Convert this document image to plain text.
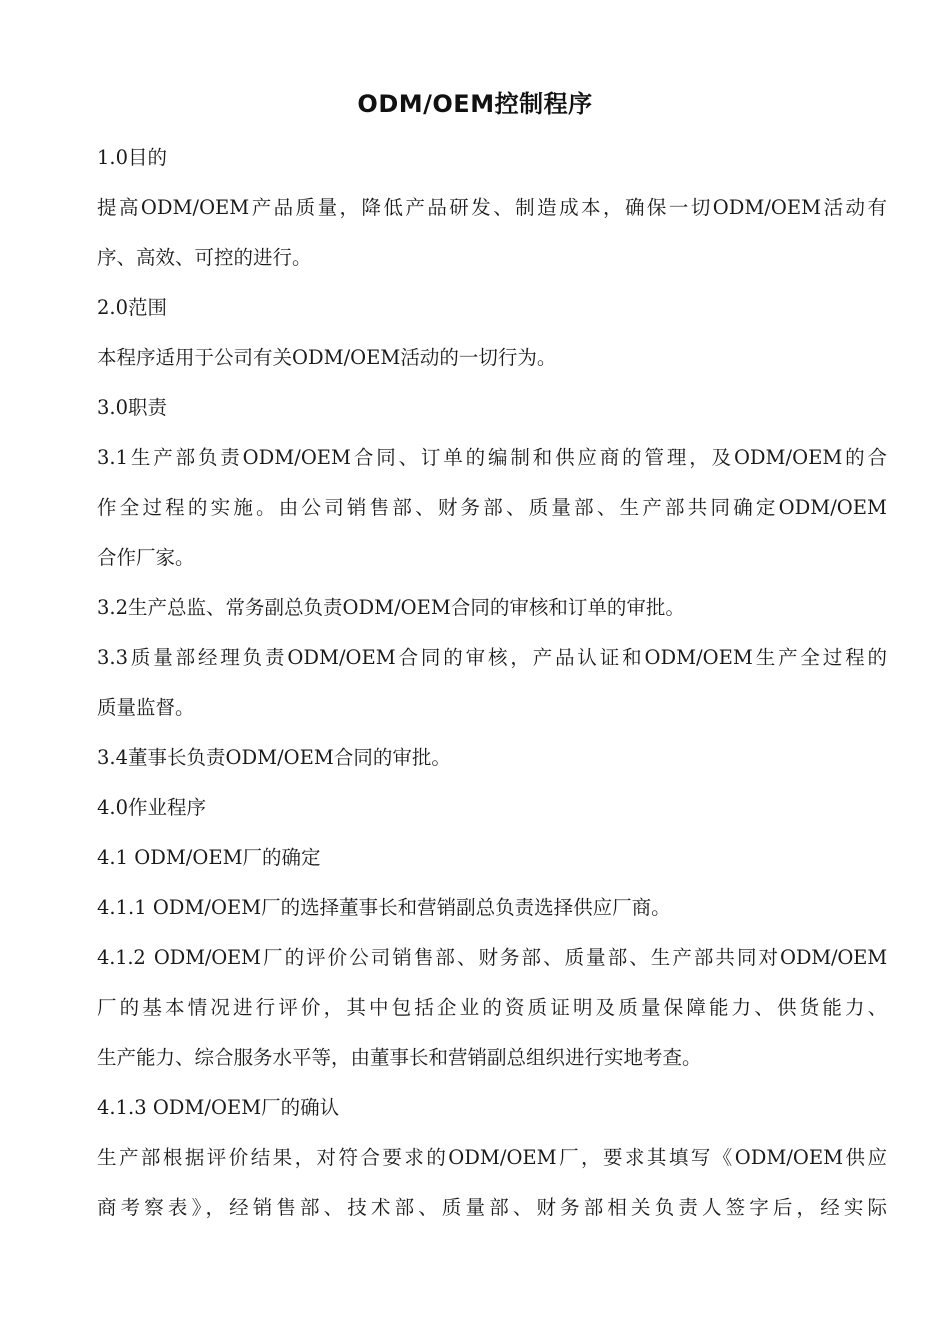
ODM/OEM控制程序
1.0目的
提高ODM/OEM产品质量，降低产品研发、制造成本，确保一切ODM/OEM活动有
序、高效、可控的进行。
2.0范围
本程序适用于公司有关ODM/OEM活动的一切行为。
3.0职责
3.1生产部负责ODM/OEM合同、订单的编制和供应商的管理，及ODM/OEM的合
作全过程的实施。由公司销售部、财务部、质量部、生产部共同确定ODM/OEM
合作厂家。
3.2生产总监、常务副总负责ODM/OEM合同的审核和订单的审批。
3.3质量部经理负责ODM/OEM合同的审核，产品认证和ODM/OEM生产全过程的
质量监督。
3.4董事长负责ODM/OEM合同的审批。
4.0作业程序
4.1 ODM/OEM厂的确定
4.1.1 ODM/OEM厂的选择董事长和营销副总负责选择供应厂商。
4.1.2 ODM/OEM厂的评价公司销售部、财务部、质量部、生产部共同对ODM/OEM
厂的基本情况进行评价，其中包括企业的资质证明及质量保障能力、供货能力、
生产能力、综合服务水平等，由董事长和营销副总组织进行实地考查。
4.1.3 ODM/OEM厂的确认
生产部根据评价结果，对符合要求的ODM/OEM厂，要求其填写《ODM/OEM供应
商考察表》，经销售部、技术部、质量部、财务部相关负责人签字后，经实际
